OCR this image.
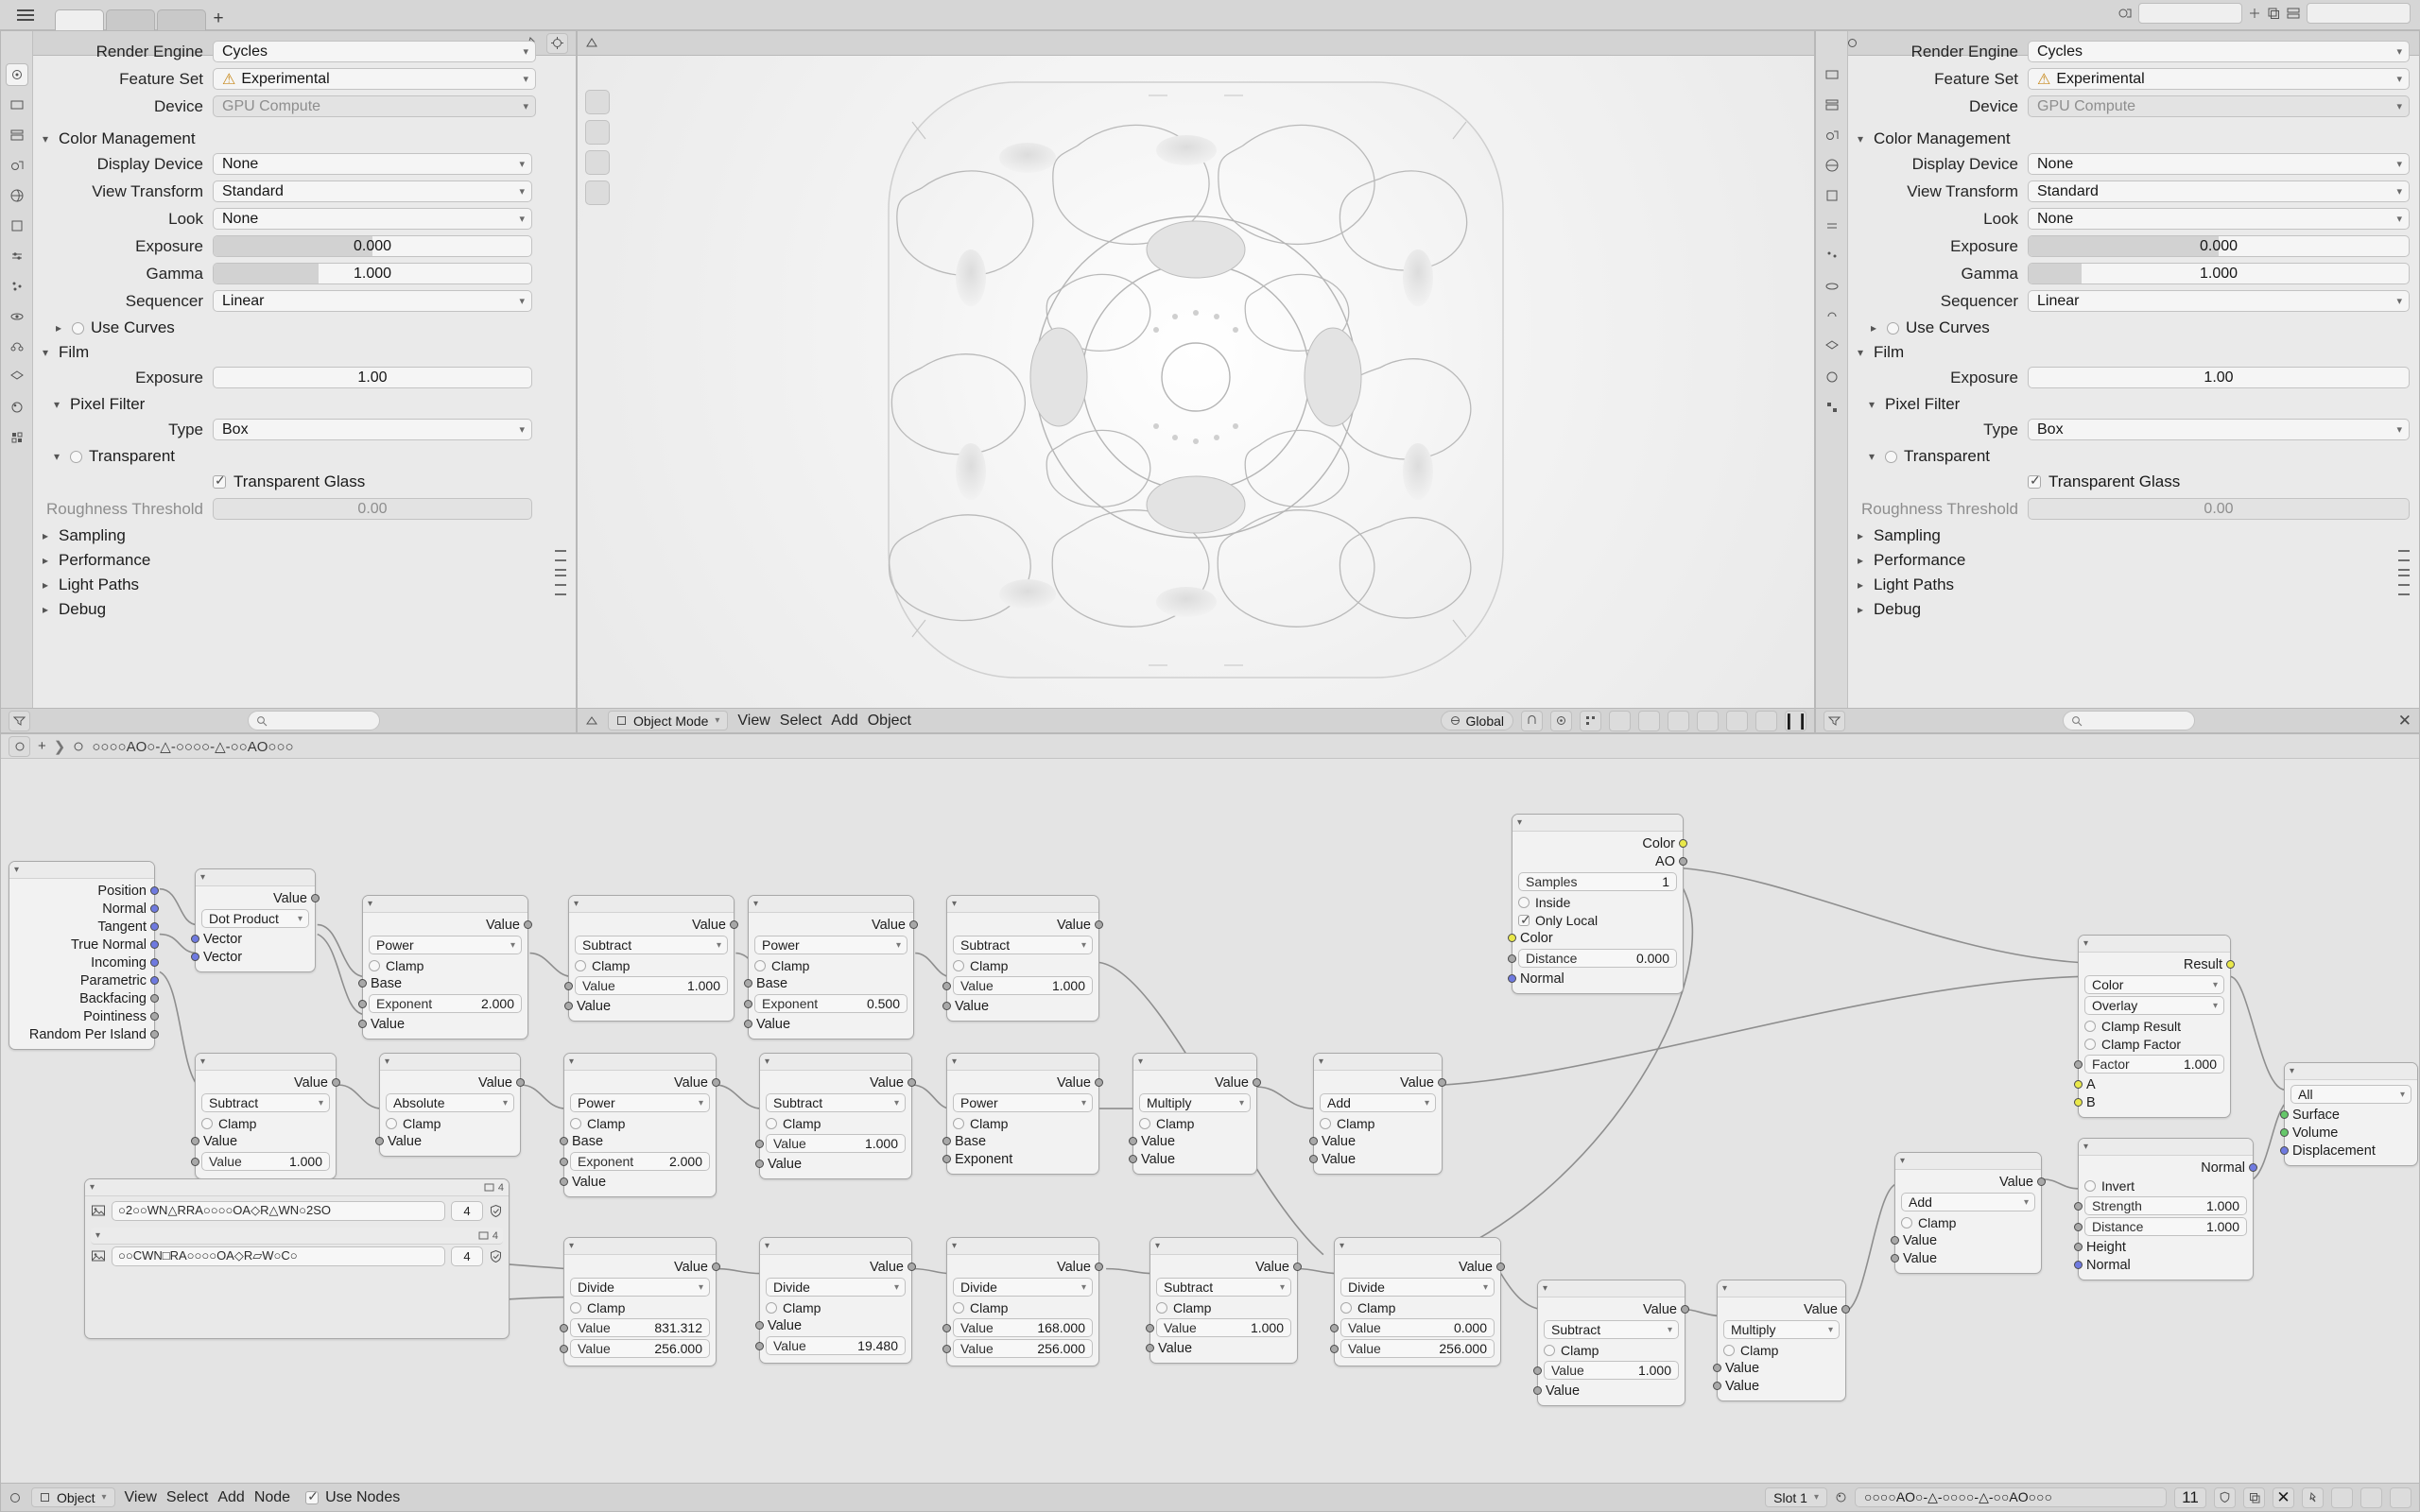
+
Render Engine	Cycles	▾
Feature Set	⚠ Experimental	▾
Device	GPU Compute	▾
▾ Color Management
Display Device	None	▾
View Transform	Standard	▾
Look	None	▾
Exposure	0.000
Gamma	1.000
Sequencer	Linear	▾
▸ Use Curves
▾ Film
Exposure	1.00
▾ Pixel Filter
Type	Box	▾
▾ Transparent
✓
Transparent Glass
Roughness Threshold	0.00
▸ Sampling
▸ Performance
▸ Light Paths
▸ Debug
Object Mode ▾ View Select Add Object	Global	❙❙
Render Engine	Cycles	▾
Feature Set	⚠ Experimental	▾
Device	GPU Compute	▾
▾ Color Management
Display Device	None	▾
View Transform	Standard	▾
Look	None	▾
Exposure	0.000
Gamma	1.000
Sequencer	Linear	▾
▸ Use Curves
▾ Film
Exposure	1.00
▾ Pixel Filter
Type	Box	▾
▾ Transparent
✓
Transparent Glass
Roughness Threshold	0.00
▸ Sampling
▸ Performance
▸ Light Paths
▸ Debug
✕
+ ❯ ○○○○AO○-△-○○○○-△-○○AO○○○
▾
Position
Normal
Tangent
True Normal
Incoming
Parametric
Backfacing
Pointiness
Random Per Island
▾
Value
Dot Product ▾
Vector
Vector
▾
Value
Power	▾
Clamp
Base
Exponent	2.000
Value
▾
Value
Subtract	▾
Clamp
Value	1.000
Value
▾
Value
Power	▾
Clamp
Base
Exponent	0.500
Value
▾
Value
Subtract	▾
Clamp
Value	1.000
Value
▾
Color
AO
Samples	1
Inside
✓
Only Local
Color
Distance	0.000
Normal
▾
Value
Subtract	▾
Clamp
Value
Value	1.000
▾
Value
Absolute	▾
Clamp
Value
▾
Value
Power	▾
Clamp
Base
Exponent	2.000
Value
▾
Value
Subtract	▾
Clamp
Value	1.000
Value
▾
Value
Power	▾
Clamp
Base
Exponent
▾
Value
Multiply	▾
Clamp
Value
Value
▾
Value
Add	▾
Clamp
Value
Value
▾
Result
Color	▾
Overlay	▾
Clamp Result
Clamp Factor
Factor	1.000
A
B
▾
All	▾
Surface
Volume
Displacement
▾
Normal
Invert
Strength	1.000
Distance	1.000
Height
Normal
▾
Value
Add	▾
Clamp
Value
Value
▾	4
○2○○WN△RRA○○○○OA◇R△WN○2SO	4
▾	4
○○CWN□RA○○○○OA◇R▱W○C○	4
▾
Value
Divide	▾
Clamp
Value	831.312
Value	256.000
▾
Value
Divide	▾
Clamp
Value
Value	19.480
▾
Value
Divide	▾
Clamp
Value	168.000
Value	256.000
▾
Value
Subtract	▾
Clamp
Value	1.000
Value
▾
Value
Divide	▾
Clamp
Value	0.000
Value	256.000
▾
Value
Subtract	▾
Clamp
Value	1.000
Value
▾
Value
Multiply	▾
Clamp
Value
Value
Object ▾ View Select Add Node ✓ Use Nodes	Slot 1 ▾	○○○○AO○-△-○○○○-△-○○AO○○○	11	✕
